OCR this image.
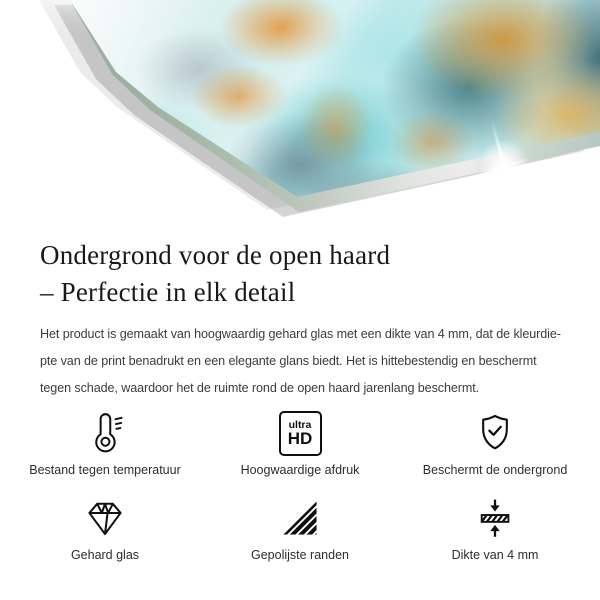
Ondergrond voor de open haard
– Perfectie in elk detail
Het product is gemaakt van hoogwaardig gehard glas met een dikte van 4 mm, dat de kleurdie-
pte van de print benadrukt en een elegante glans biedt. Het is hittebestendig en beschermt
tegen schade, waardoor het de ruimte rond de open haard jarenlang beschermt.
Bestand tegen temperatuur
ultra
HD
Hoogwaardige afdruk	Beschermt de ondergrond
Gehard glas	Gepolijste randen	Dikte van 4 mm
